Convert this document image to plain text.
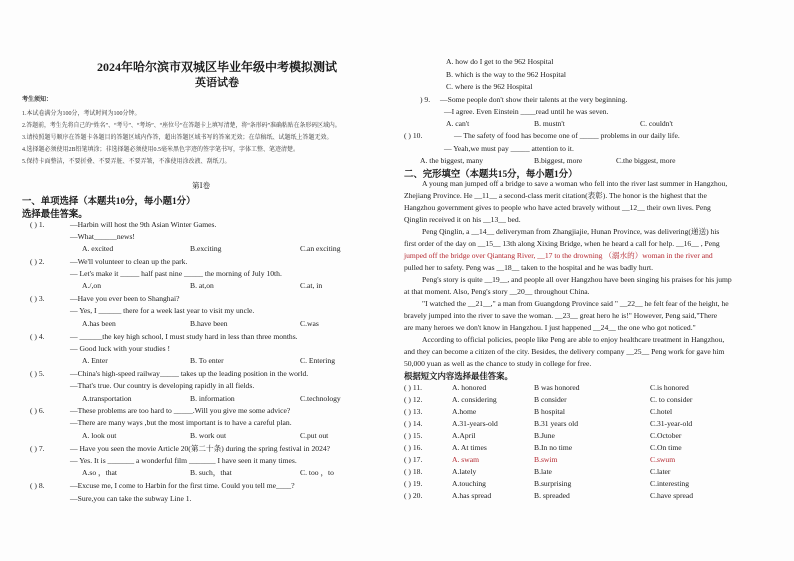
2024年哈尔滨市双城区毕业年级中考模拟测试
英语试卷
考生须知：
1.本试卷满分为100分，考试时间为100分钟。
2.答题前，考生先将自己的“姓名”、“考号”、“考场”、“座位号”在答题卡上填写清楚，将“条形码”准确粘贴在条形码区域内。
3.请按照题号顺序在答题卡各题目的答题区域内作答，超出答题区域书写的答案无效；在草稿纸、试题纸上答题无效。
4.选择题必须使用2B铅笔填涂；非选择题必须使用0.5毫米黑色字迹的签字笔书写，字体工整、笔迹清楚。
5.保持卡面整洁，不要折叠、不要弄脏、不要弄皱，不准使用涂改液、刮纸刀。
第Ⅰ卷
一、单项选择（本题共10分，每小题1分）
选择最佳答案。
( ) 1.	—Harbin will host the 9th Asian Winter Games.
—What______news!
A. excited	B.exciting	C.an exciting
( ) 2.	—We'll volunteer to clean up the park.
— Let's make it _____ half past nine _____ the morning of July 10th.
A./,on	B. at,on	C.at, in
( ) 3.	—Have you ever been to Shanghai?
— Yes, I ______ there for a week last year to visit my uncle.
A.has been	B.have been	C.was
( ) 4.	— ______the key high school, I must study hard in less than three months.
— Good luck with your studies !
A. Enter	B. To enter	C. Entering
( ) 5.	—China's high-speed railway_____ takes up the leading position in the world.
—That's true. Our country is developing rapidly in all fields.
A.transportation	B. information	C.technology
( ) 6.	—These problems are too hard to _____.Will you give me some advice?
—There are many ways ,but the most important is to have a careful plan.
A. look out	B. work out	C.put out
( ) 7.	— Have you seen the movie Article 20(第二十条) during the spring festival in 2024?
— Yes. It is _______ a wonderful film _______ I have seen it many times.
A.so ，that	B. such，that	C. too ，to
( ) 8.	—Excuse me, I come to Harbin for the first time. Could you tell me____?
—Sure,you can take the subway Line 1.
A. how do I get to the 962 Hospital
B. which is the way to the 962 Hospital
C. where is the 962 Hospital
) 9. —Some people don't show their talents at the very beginning.
—I agree. Even Einstein ____read until he was seven.
A. can't	B. mustn't	C. couldn't
( ) 10.	— The safety of food has become one of _____ problems in our daily life.
— Yeah,we must pay _____ attention to it.
A. the biggest, many	B.biggest, more	C.the biggest, more
二、完形填空（本题共15分，每小题1分）
A young man jumped off a bridge to save a woman who fell into the river last summer in Hangzhou,
Zhejiang Province. He __11__ a second-class merit citation(表彰). The honor is the highest that the
Hangzhou government gives to people who have acted bravely without __12__ their own lives. Peng
Qinglin received it on his __13__ bed.
Peng Qinglin, a __14__ deliveryman from Zhangjiajie, Hunan Province, was delivering(递送) his
first order of the day on __15__ 13th along Xixing Bridge, when he heard a call for help. __16__ , Peng
jumped off the bridge over Qiantang River, __17 to the drowning （溺水的）woman in the river and
pulled her to safety. Peng was __18__ taken to the hospital and he was badly hurt.
Peng's story is quite __19__, and people all over Hangzhou have been singing his praises for his jump
at that moment. Also, Peng's story __20__ throughout China.
"I watched the __21__," a man from Guangdong Province said " __22__ he felt fear of the height, he
bravely jumped into the river to save the woman. __23__ great hero he is!" However, Peng said,"There
are many heroes we don't know in Hangzhou. I just happened __24__ the one who got noticed."
According to official policies, people like Peng are able to enjoy healthcare treatment in Hangzhou,
and they can become a citizen of the city. Besides, the delivery company __25__ Peng work for gave him
50,000 yuan as well as the chance to study in college for free.
根据短文内容选择最佳答案。
( ) 11.	A. honored	B was honored	C.is honored
( ) 12.	A. considering	B consider	C. to consider
( ) 13.	A.home	B hospital	C.hotel
( ) 14.	A.31-years-old	B.31 years old	C.31-year-old
( ) 15.	A.April	B.June	C.October
( ) 16.	A. At times	B.In no time	C.On time
( ) 17.	A. swam	B.swim	C.swum
( ) 18.	A.lately	B.late	C.later
( ) 19.	A.touching	B.surprising	C.interesting
( ) 20.	A.has spread	B. spreaded	C.have spread
